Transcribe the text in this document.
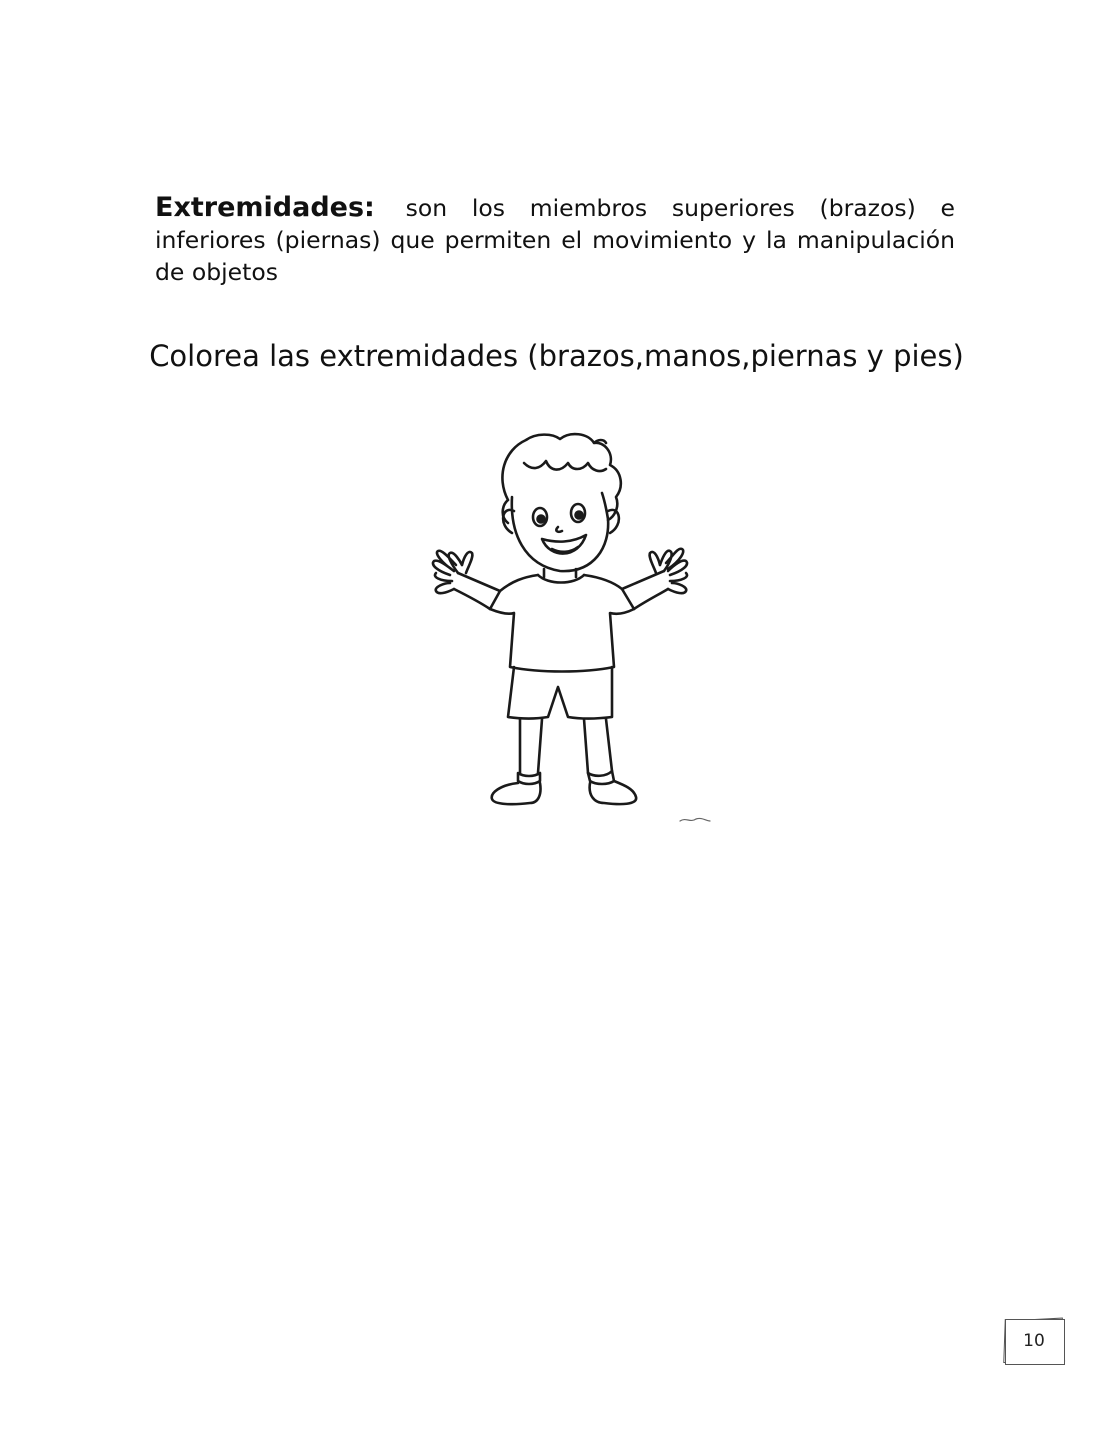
Extremidades: son los miembros superiores (brazos) e inferiores (piernas) que permiten el movimiento y la manipulación de objetos
Colorea las extremidades (brazos,manos,piernas y pies)
10
